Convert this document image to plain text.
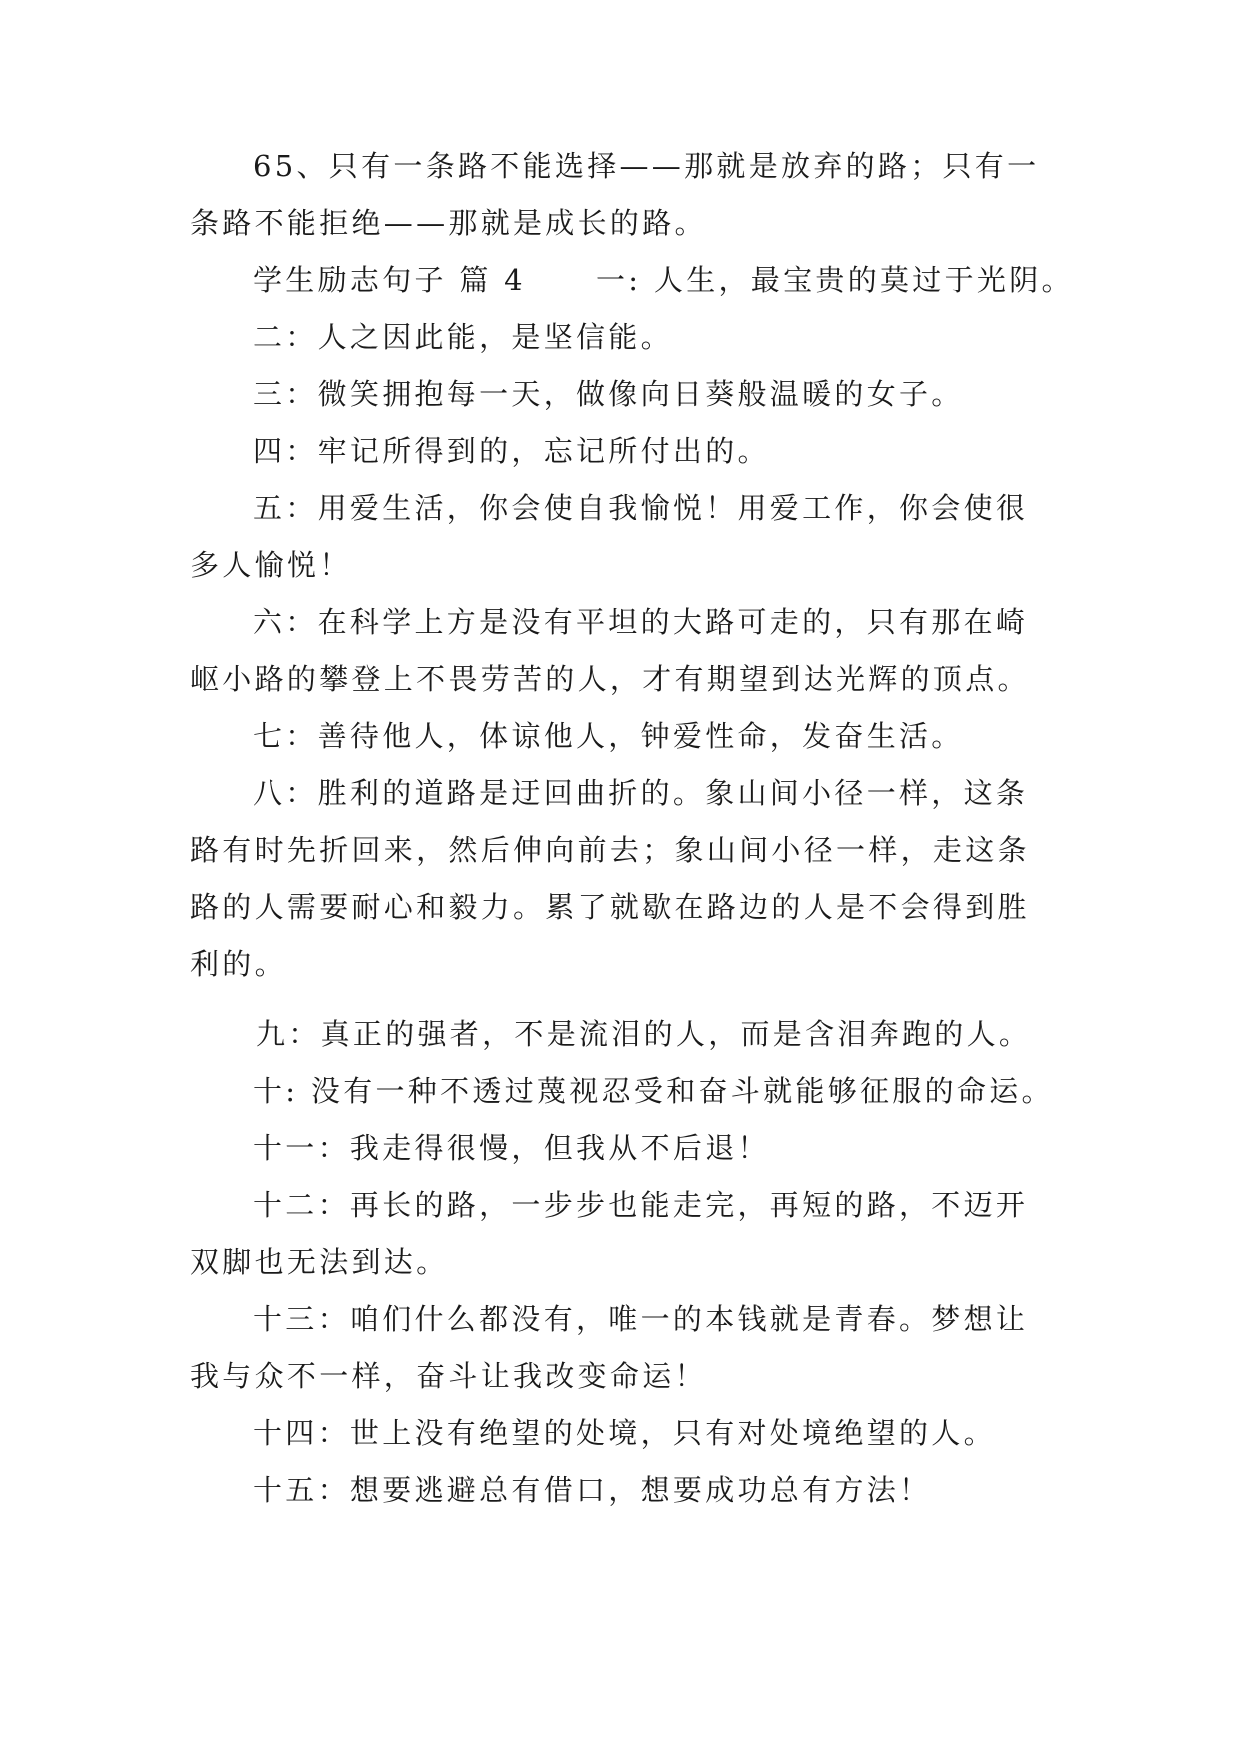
65、只有一条路不能选择——那就是放弃的路；只有一
条路不能拒绝——那就是成长的路。
学生励志句子 篇 4 一: 人生，最宝贵的莫过于光阴。
二：人之因此能，是坚信能。
三：微笑拥抱每一天，做像向日葵般温暖的女子。
四：牢记所得到的，忘记所付出的。
五：用爱生活，你会使自我愉悦！用爱工作，你会使很
多人愉悦！
六：在科学上方是没有平坦的大路可走的，只有那在崎
岖小路的攀登上不畏劳苦的人，才有期望到达光辉的顶点。
七：善待他人，体谅他人，钟爱性命，发奋生活。
八：胜利的道路是迂回曲折的。象山间小径一样，这条
路有时先折回来，然后伸向前去；象山间小径一样，走这条
路的人需要耐心和毅力。累了就歇在路边的人是不会得到胜
利的。
九：真正的强者，不是流泪的人，而是含泪奔跑的人。
十: 没有一种不透过蔑视忍受和奋斗就能够征服的命运。
十一：我走得很慢，但我从不后退！
十二：再长的路，一步步也能走完，再短的路，不迈开
双脚也无法到达。
十三：咱们什么都没有，唯一的本钱就是青春。梦想让
我与众不一样，奋斗让我改变命运！
十四：世上没有绝望的处境，只有对处境绝望的人。
十五：想要逃避总有借口，想要成功总有方法！
